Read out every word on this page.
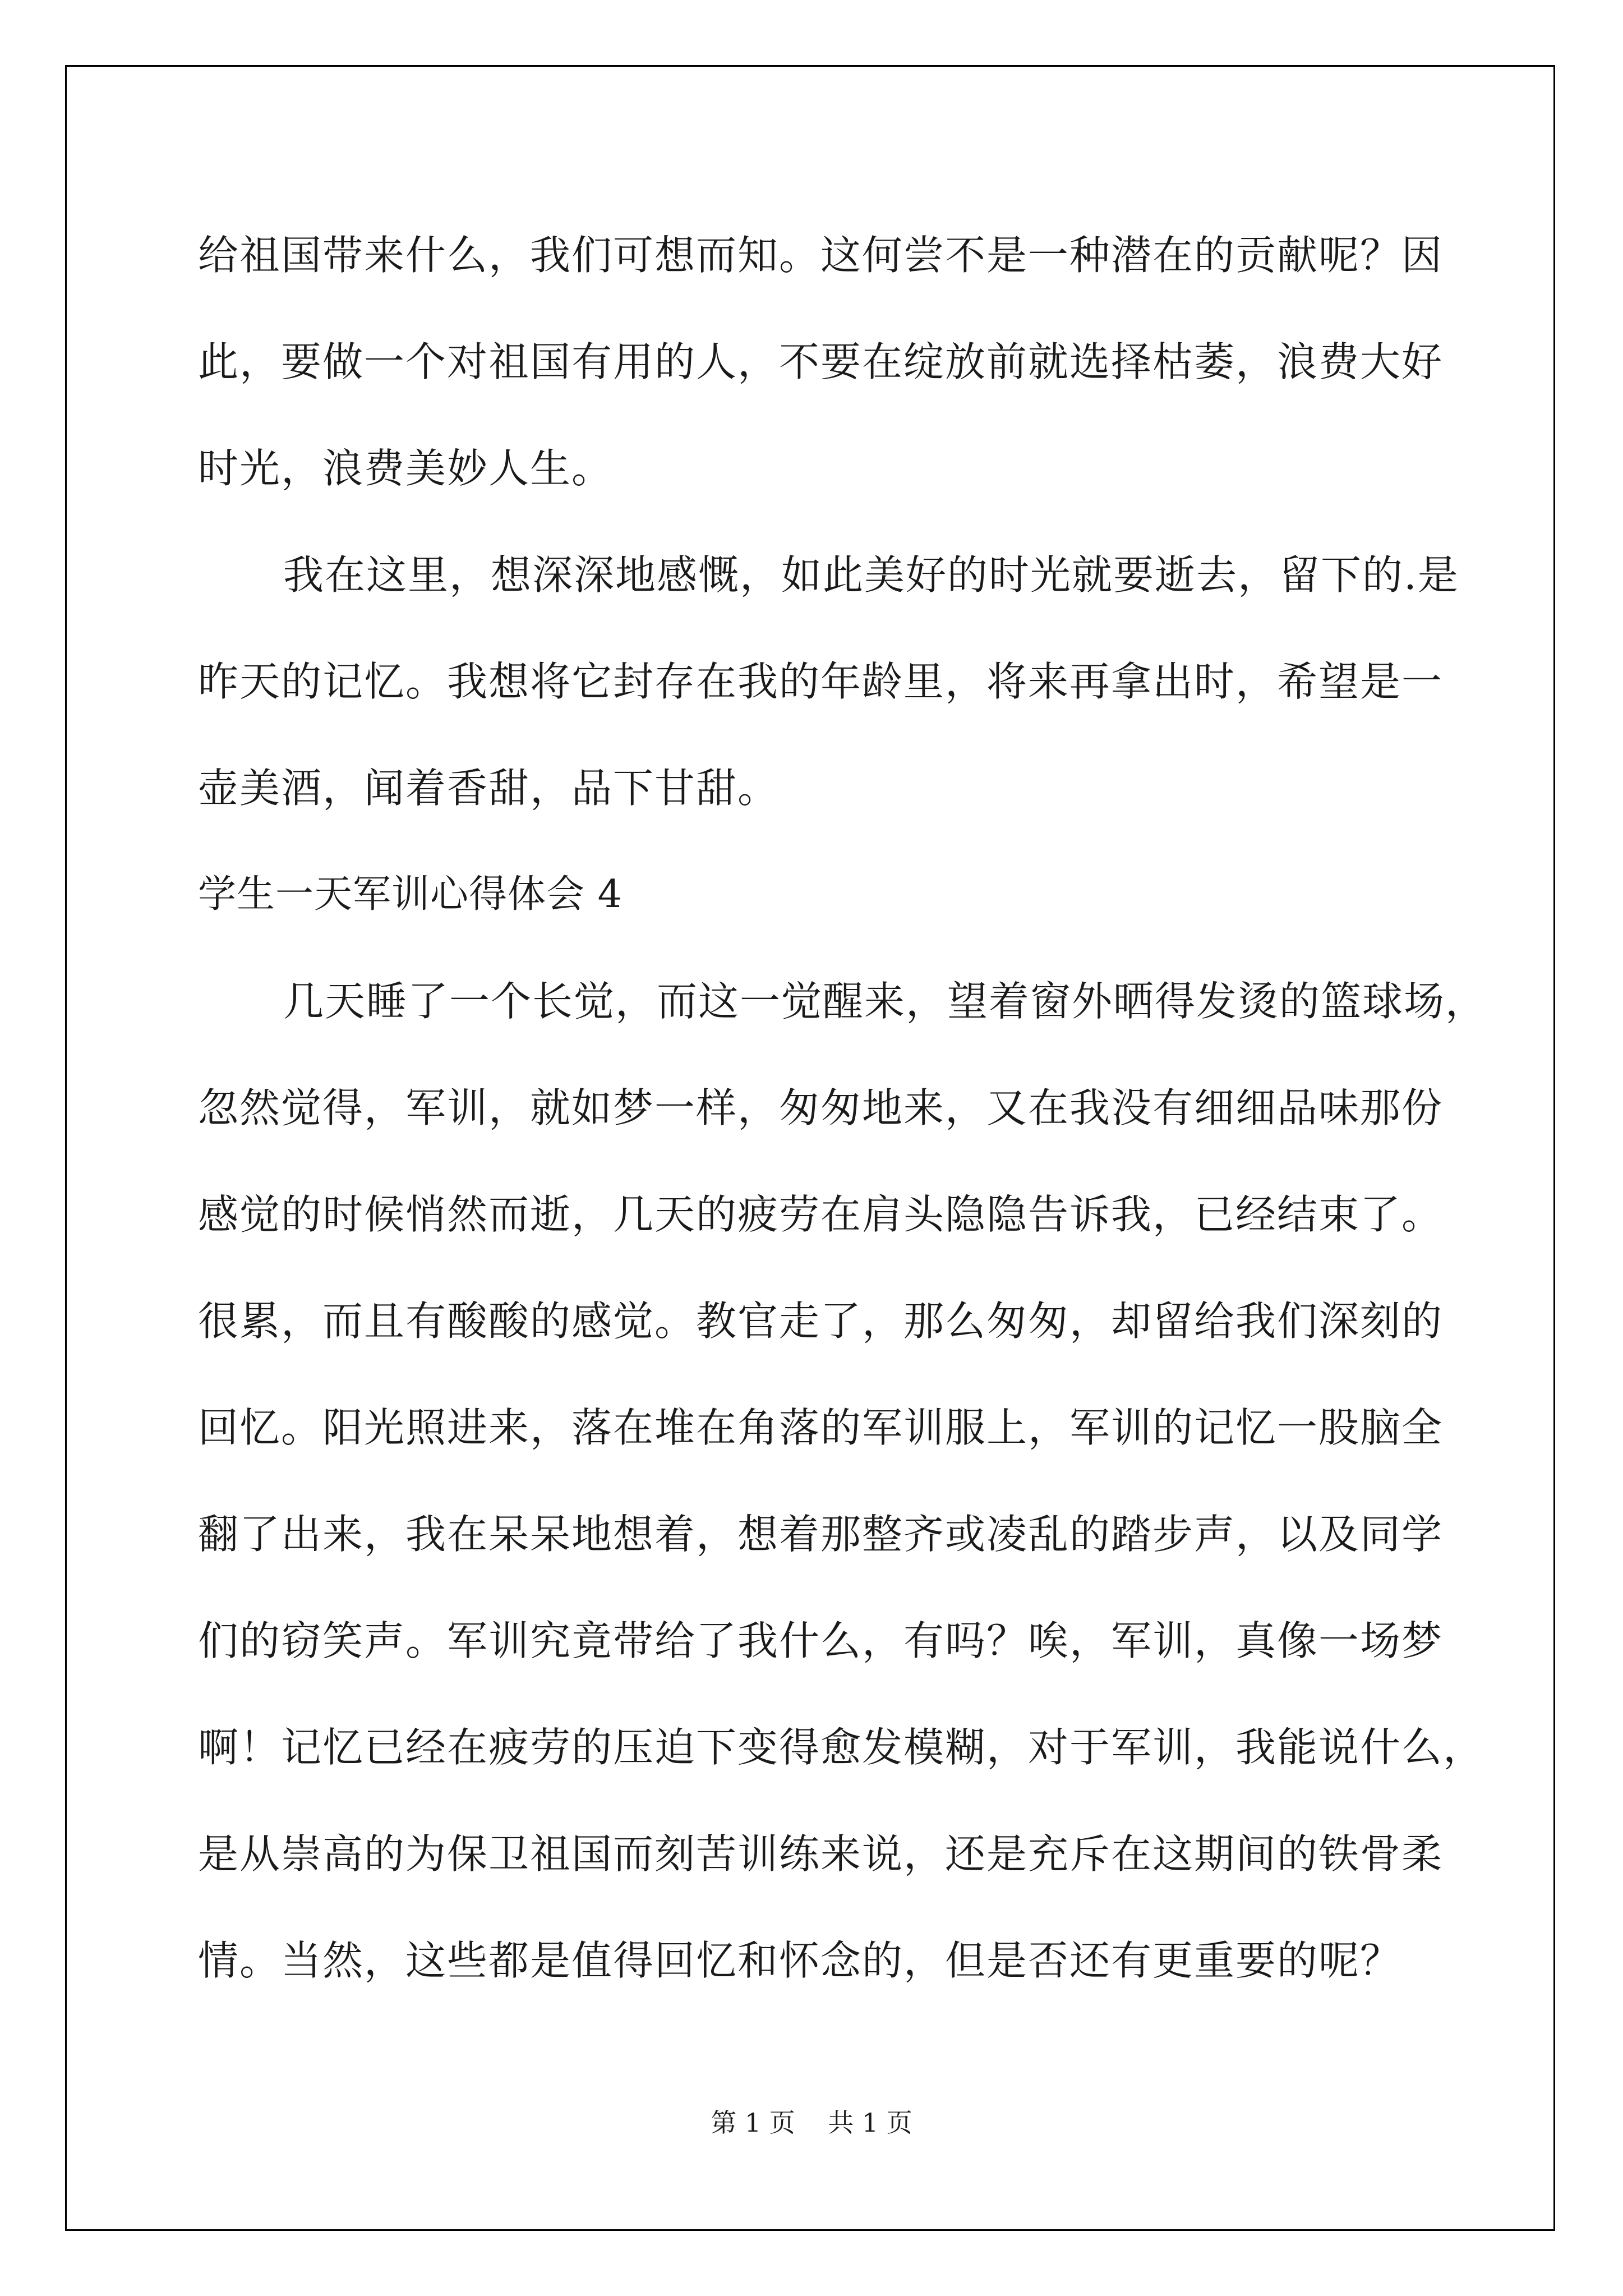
给祖国带来什么，我们可想而知。这何尝不是一种潜在的贡献呢？因
此，要做一个对祖国有用的人，不要在绽放前就选择枯萎，浪费大好
时光，浪费美妙人生。
我在这里，想深深地感慨，如此美好的时光就要逝去，留下的.是
昨天的记忆。我想将它封存在我的年龄里，将来再拿出时，希望是一
壶美酒，闻着香甜，品下甘甜。
学生一天军训心得体会 4
几天睡了一个长觉，而这一觉醒来，望着窗外晒得发烫的篮球场，
忽然觉得，军训，就如梦一样，匆匆地来，又在我没有细细品味那份
感觉的时候悄然而逝，几天的疲劳在肩头隐隐告诉我，已经结束了。
很累，而且有酸酸的感觉。教官走了，那么匆匆，却留给我们深刻的
回忆。阳光照进来，落在堆在角落的军训服上，军训的记忆一股脑全
翻了出来，我在呆呆地想着，想着那整齐或凌乱的踏步声，以及同学
们的窃笑声。军训究竟带给了我什么，有吗？唉，军训，真像一场梦
啊！记忆已经在疲劳的压迫下变得愈发模糊，对于军训，我能说什么，
是从崇高的为保卫祖国而刻苦训练来说，还是充斥在这期间的铁骨柔
情。当然，这些都是值得回忆和怀念的，但是否还有更重要的呢？
第 1 页    共 1 页
